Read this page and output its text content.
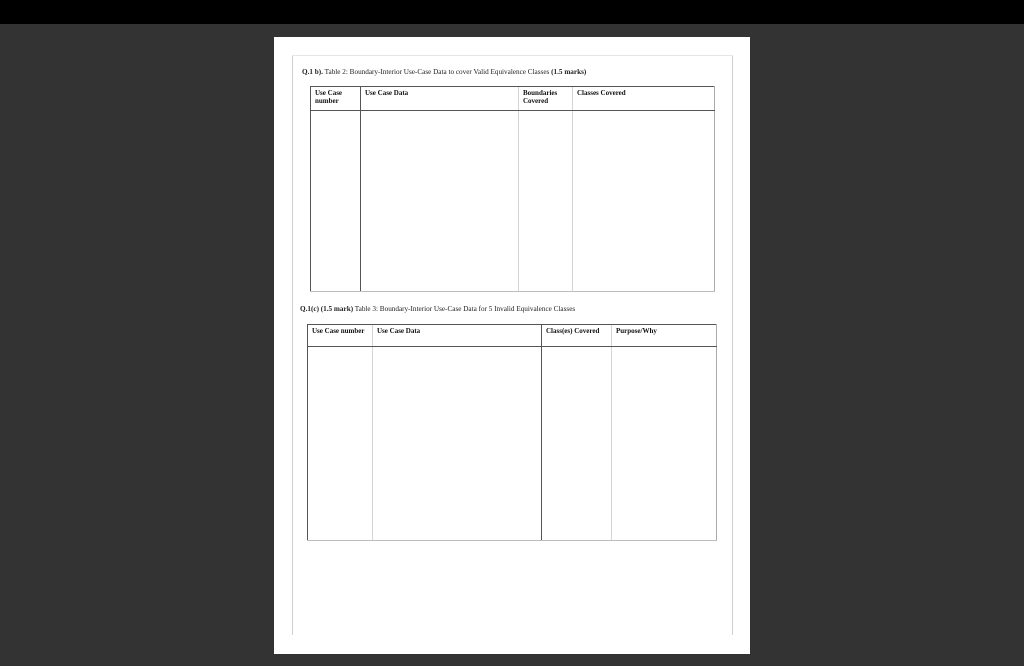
Q.1 b). Table 2: Boundary-Interior Use-Case Data to cover Valid Equivalence Classes (1.5 marks)
Use Case number	Use Case Data	Boundaries Covered	Classes Covered

Q.1(c) (1.5 mark) Table 3: Boundary-Interior Use-Case Data for 5 Invalid Equivalence Classes
Use Case number	Use Case Data	Class(es) Covered	Purpose/Why
